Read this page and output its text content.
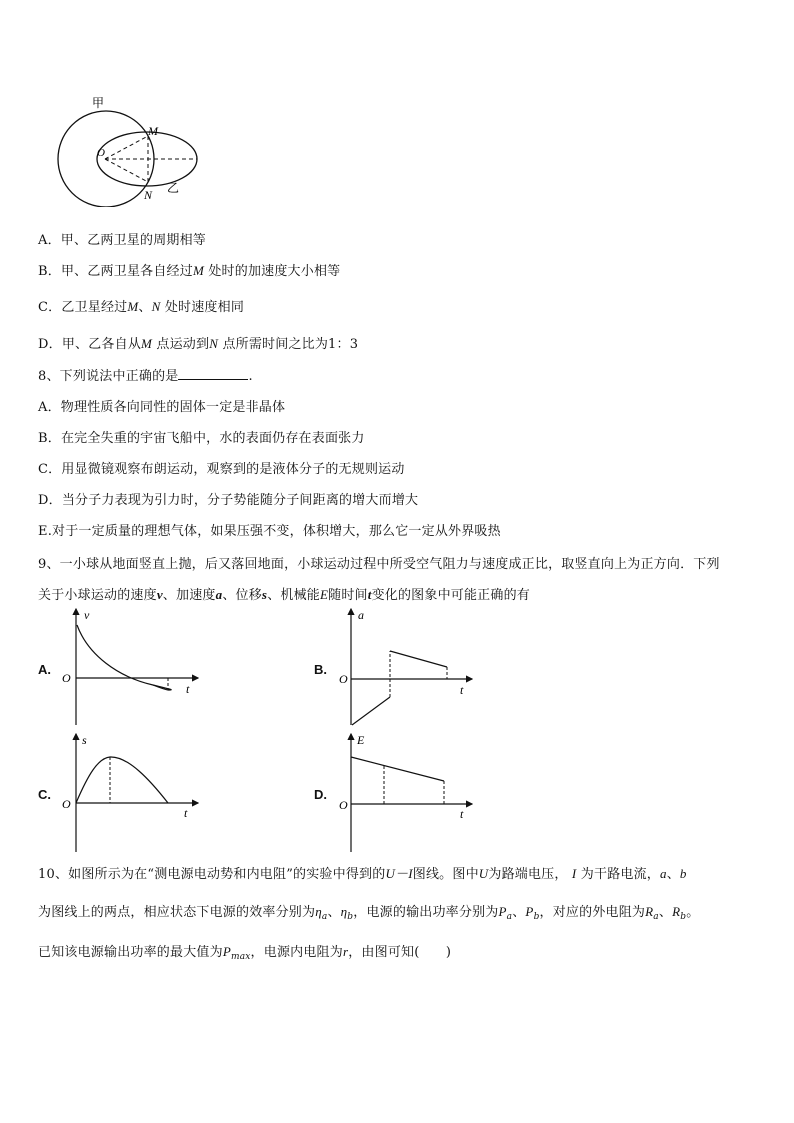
甲
M
O
N 乙
A．甲、乙两卫星的周期相等
B．甲、乙两卫星各自经过M 处时的加速度大小相等
C．乙卫星经过M、N 处时速度相同
D．甲、乙各自从M 点运动到N 点所需时间之比为1：3
8、下列说法中正确的是	.
A．物理性质各向同性的固体一定是非晶体
B．在完全失重的宇宙飞船中，水的表面仍存在表面张力
C．用显微镜观察布朗运动，观察到的是液体分子的无规则运动
D．当分子力表现为引力时，分子势能随分子间距离的增大而增大
E.对于一定质量的理想气体，如果压强不变，体积增大，那么它一定从外界吸热
9、一小球从地面竖直上抛，后又落回地面，小球运动过程中所受空气阻力与速度成正比，取竖直向上为正方向．下列
关于小球运动的速度v、加速度a、位移s、机械能E随时间t变化的图象中可能正确的有
A.
v
O
t
B.
a
O
t
C.
s
O
t
D.
E
O
t
10、如图所示为在“测电源电动势和内电阻”的实验中得到的U－I图线。图中U为路端电压， I 为干路电流，a、b
为图线上的两点，相应状态下电源的效率分别为$\eta_a$、$\eta_b$，电源的输出功率分别为$P_a$、$P_b$，对应的外电阻为$R_a$、$R_b$。
已知该电源输出功率的最大值为$P_{max}$，电源内电阻为r，由图可知(　　)
